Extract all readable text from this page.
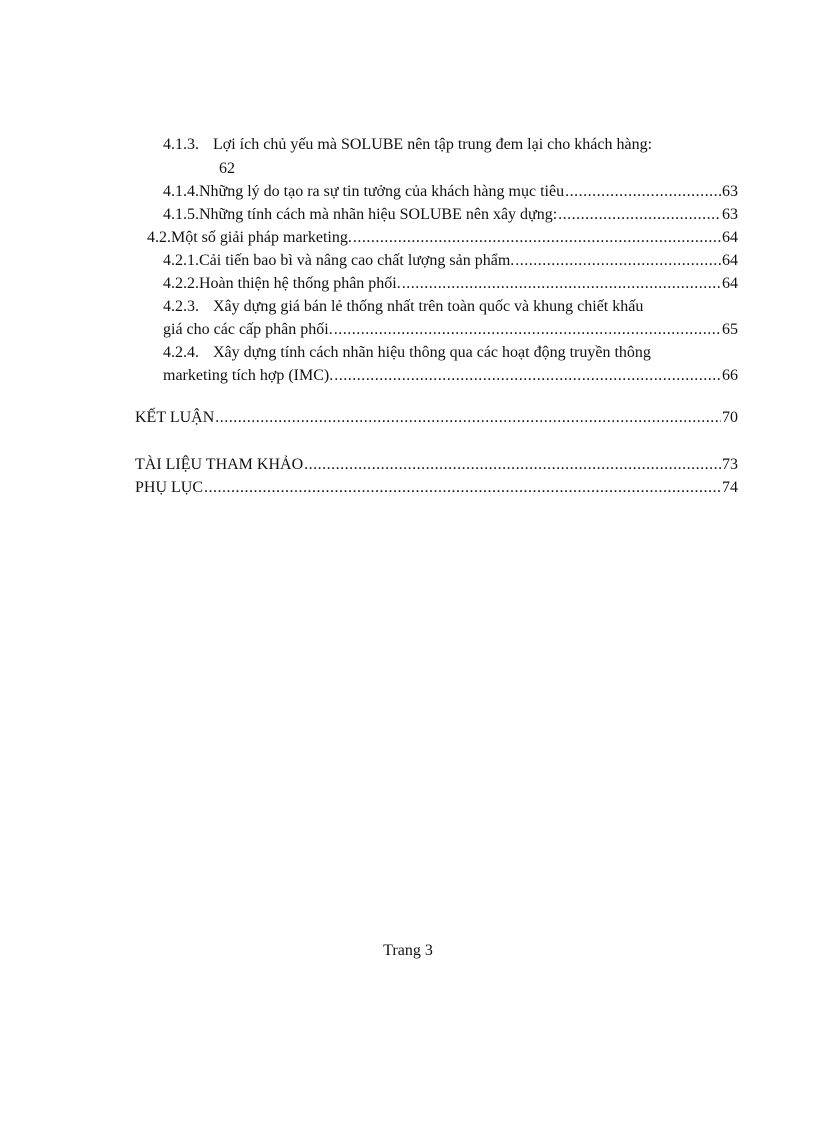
4.1.3. Lợi ích chủ yếu mà SOLUBE nên tập trung đem lại cho khách hàng:
62
4.1.4. Những lý do tạo ra sự tin tưởng của khách hàng mục tiêu .....	63
4.1.5. Những tính cách mà nhãn hiệu SOLUBE nên xây dựng: .....	63
4.2. Một số giải pháp marketing. .....	64
4.2.1. Cải tiến bao bì và nâng cao chất lượng sản phẩm. .....	64
4.2.2. Hoàn thiện hệ thống phân phối. .....	64
4.2.3. Xây dựng giá bán lẻ thống nhất trên toàn quốc và khung chiết khấu
giá cho các cấp phân phối. .....	65
4.2.4. Xây dựng tính cách nhãn hiệu thông qua các hoạt động truyền thông
marketing tích hợp (IMC). .....	66
KẾT LUẬN .....	70
TÀI LIỆU THAM KHẢO .....	73
PHỤ LỤC .....	74
Trang 3
